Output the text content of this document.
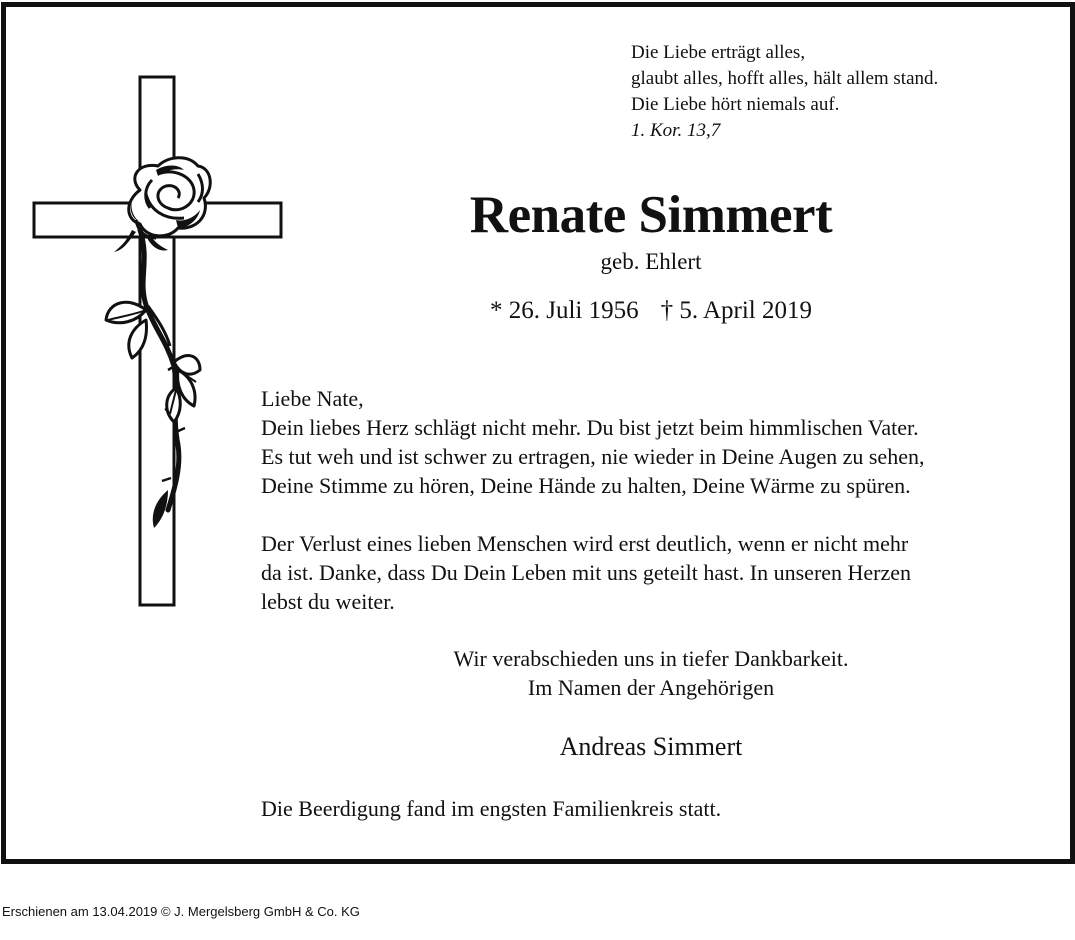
Die Liebe erträgt alles,
glaubt alles, hofft alles, hält allem stand.
Die Liebe hört niemals auf.
1. Kor. 13,7
Renate Simmert
geb. Ehlert
* 26. Juli 1956 † 5. April 2019

Liebe Nate,
Dein liebes Herz schlägt nicht mehr. Du bist jetzt beim himmlischen Vater.
Es tut weh und ist schwer zu ertragen, nie wieder in Deine Augen zu sehen,
Deine Stimme zu hören, Deine Hände zu halten, Deine Wärme zu spüren.

Der Verlust eines lieben Menschen wird erst deutlich, wenn er nicht mehr
da ist. Danke, dass Du Dein Leben mit uns geteilt hast. In unseren Herzen
lebst du weiter.

Wir verabschieden uns in tiefer Dankbarkeit.
Im Namen der Angehörigen
Andreas Simmert
Die Beerdigung fand im engsten Familienkreis statt.
Erschienen am 13.04.2019 © J. Mergelsberg GmbH & Co. KG
